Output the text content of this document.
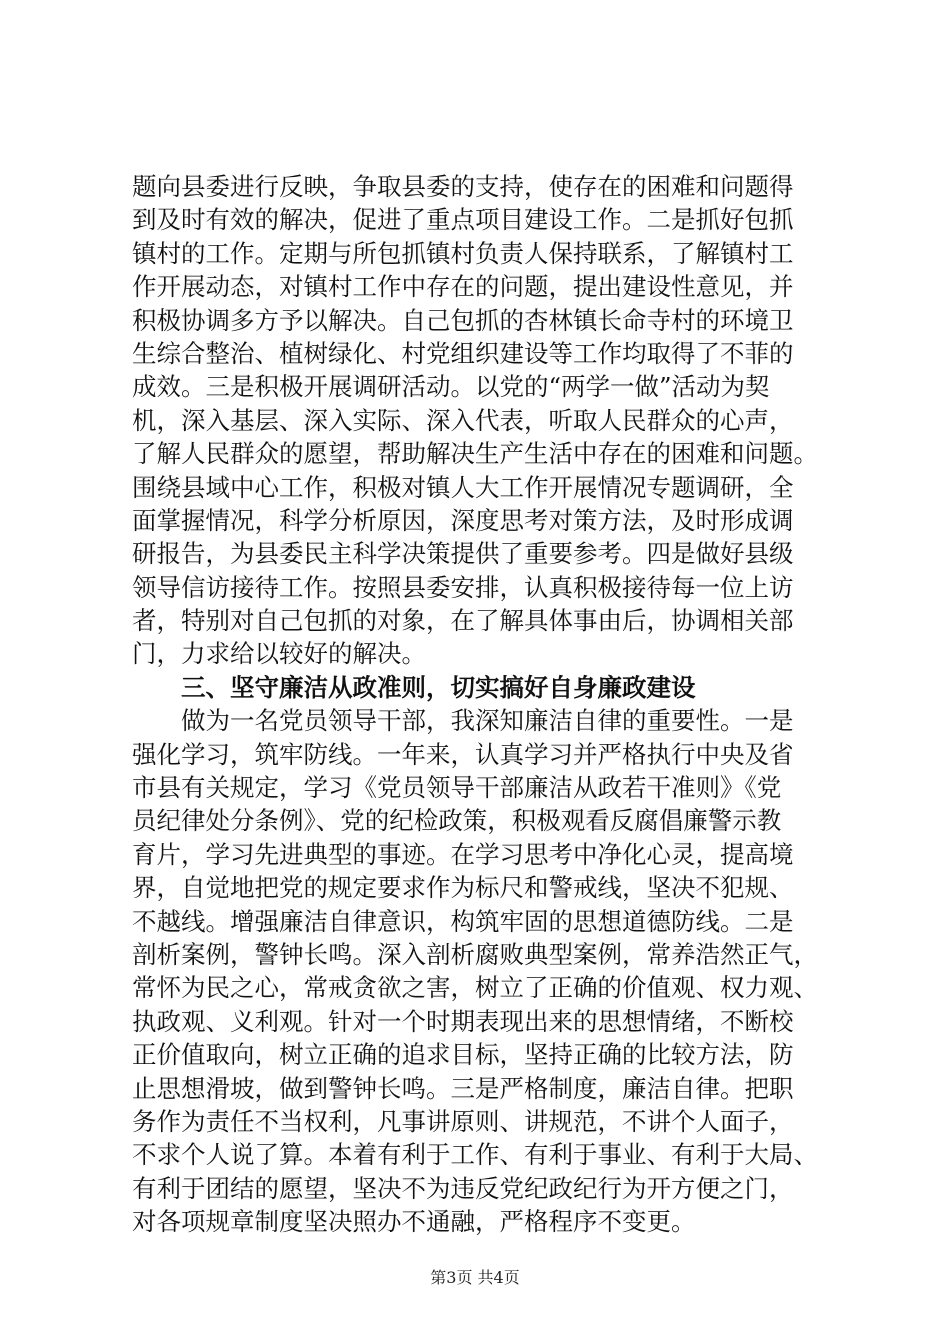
题向县委进行反映，争取县委的支持，使存在的困难和问题得
到及时有效的解决，促进了重点项目建设工作。二是抓好包抓
镇村的工作。定期与所包抓镇村负责人保持联系，了解镇村工
作开展动态，对镇村工作中存在的问题，提出建设性意见，并
积极协调多方予以解决。自己包抓的杏林镇长命寺村的环境卫
生综合整治、植树绿化、村党组织建设等工作均取得了不菲的
成效。三是积极开展调研活动。以党的“两学一做”活动为契
机，深入基层、深入实际、深入代表，听取人民群众的心声，
了解人民群众的愿望，帮助解决生产生活中存在的困难和问题。
围绕县域中心工作，积极对镇人大工作开展情况专题调研，全
面掌握情况，科学分析原因，深度思考对策方法，及时形成调
研报告，为县委民主科学决策提供了重要参考。四是做好县级
领导信访接待工作。按照县委安排，认真积极接待每一位上访
者，特别对自己包抓的对象，在了解具体事由后，协调相关部
门，力求给以较好的解决。
三、坚守廉洁从政准则，切实搞好自身廉政建设
做为一名党员领导干部，我深知廉洁自律的重要性。一是
强化学习，筑牢防线。一年来，认真学习并严格执行中央及省
市县有关规定，学习《党员领导干部廉洁从政若干准则》《党
员纪律处分条例》、党的纪检政策，积极观看反腐倡廉警示教
育片，学习先进典型的事迹。在学习思考中净化心灵，提高境
界，自觉地把党的规定要求作为标尺和警戒线，坚决不犯规、
不越线。增强廉洁自律意识，构筑牢固的思想道德防线。二是
剖析案例，警钟长鸣。深入剖析腐败典型案例，常养浩然正气，
常怀为民之心，常戒贪欲之害，树立了正确的价值观、权力观、
执政观、义利观。针对一个时期表现出来的思想情绪，不断校
正价值取向，树立正确的追求目标，坚持正确的比较方法，防
止思想滑坡，做到警钟长鸣。三是严格制度，廉洁自律。把职
务作为责任不当权利，凡事讲原则、讲规范，不讲个人面子，
不求个人说了算。本着有利于工作、有利于事业、有利于大局、
有利于团结的愿望，坚决不为违反党纪政纪行为开方便之门，
对各项规章制度坚决照办不通融，严格程序不变更。
第3页 共4页
